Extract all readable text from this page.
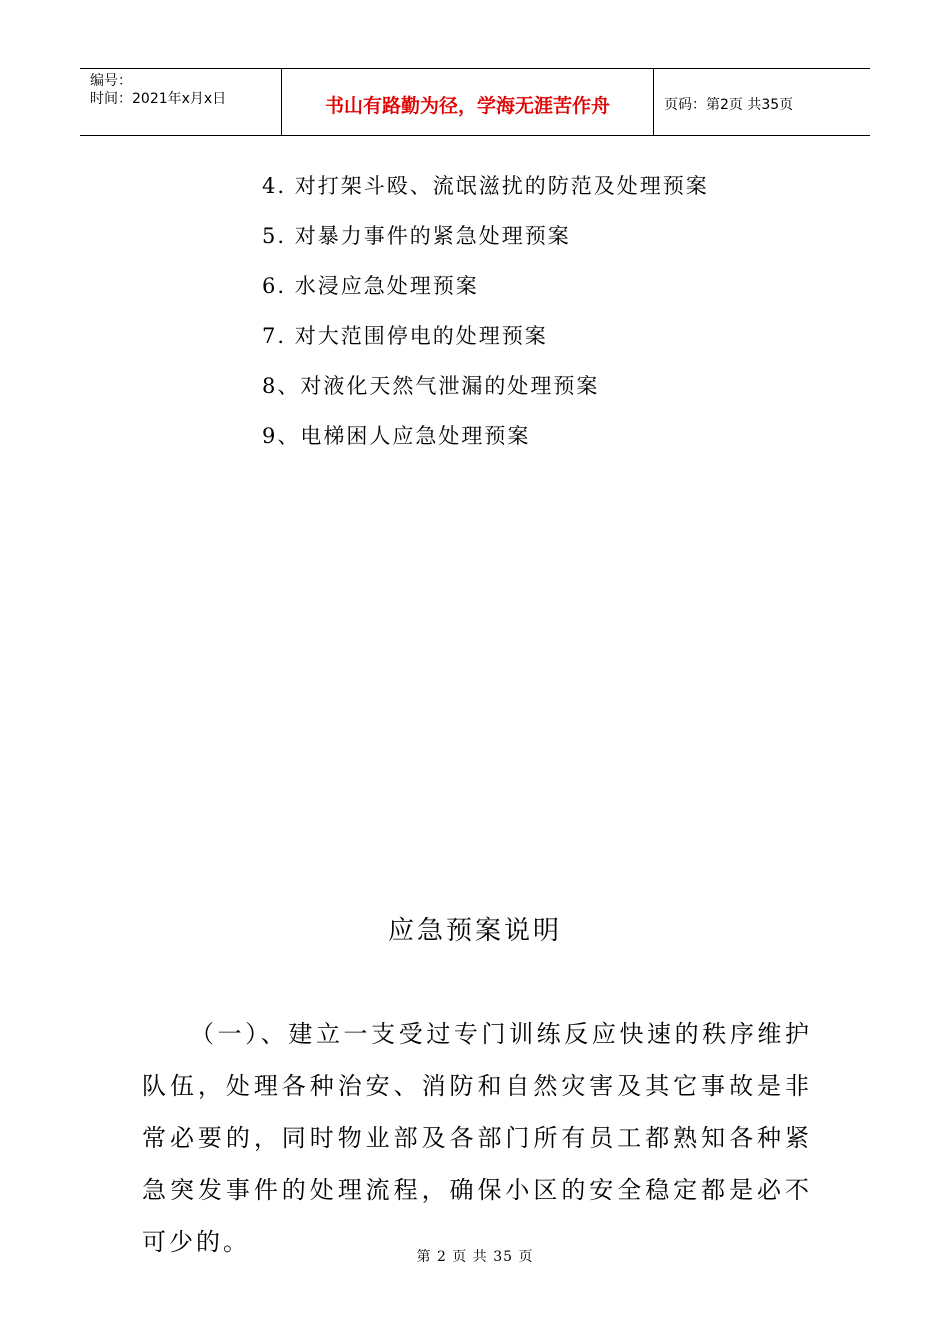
编号：
时间：2021年x月x日	书山有路勤为径，学海无涯苦作舟	页码：第2页 共35页
4. 对打架斗殴、流氓滋扰的防范及处理预案
5. 对暴力事件的紧急处理预案
6. 水浸应急处理预案
7. 对大范围停电的处理预案
8、对液化天然气泄漏的处理预案
9、电梯困人应急处理预案
应急预案说明

（一）、建立一支受过专门训练反应快速的秩序维护队伍，处理各种治安、消防和自然灾害及其它事故是非常必要的，同时物业部及各部门所有员工都熟知各种紧急突发事件的处理流程，确保小区的安全稳定都是必不可少的。

第 2 页 共 35 页
